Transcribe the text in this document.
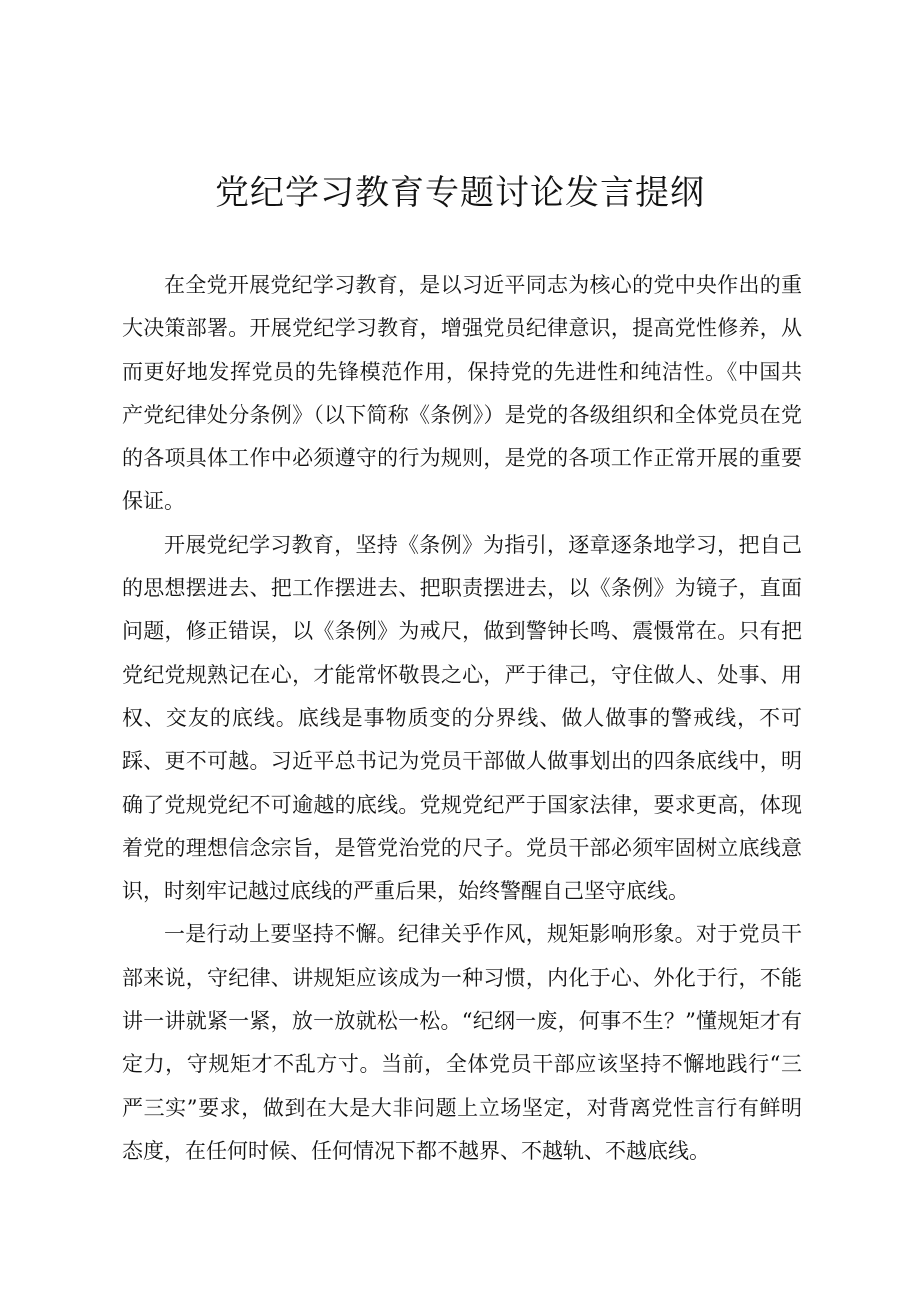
党纪学习教育专题讨论发言提纲

在全党开展党纪学习教育，是以习近平同志为核心的党中央作出的重大决策部署。开展党纪学习教育，增强党员纪律意识，提高党性修养，从而更好地发挥党员的先锋模范作用，保持党的先进性和纯洁性。《中国共产党纪律处分条例》（以下简称《条例》）是党的各级组织和全体党员在党的各项具体工作中必须遵守的行为规则，是党的各项工作正常开展的重要保证。

开展党纪学习教育，坚持《条例》为指引，逐章逐条地学习，把自己的思想摆进去、把工作摆进去、把职责摆进去，以《条例》为镜子，直面问题，修正错误，以《条例》为戒尺，做到警钟长鸣、震慑常在。只有把党纪党规熟记在心，才能常怀敬畏之心，严于律己，守住做人、处事、用权、交友的底线。底线是事物质变的分界线、做人做事的警戒线，不可踩、更不可越。习近平总书记为党员干部做人做事划出的四条底线中，明确了党规党纪不可逾越的底线。党规党纪严于国家法律，要求更高，体现着党的理想信念宗旨，是管党治党的尺子。党员干部必须牢固树立底线意识，时刻牢记越过底线的严重后果，始终警醒自己坚守底线。

一是行动上要坚持不懈。纪律关乎作风，规矩影响形象。对于党员干部来说，守纪律、讲规矩应该成为一种习惯，内化于心、外化于行，不能讲一讲就紧一紧，放一放就松一松。“纪纲一废，何事不生？”懂规矩才有定力，守规矩才不乱方寸。当前，全体党员干部应该坚持不懈地践行“三严三实”要求，做到在大是大非问题上立场坚定，对背离党性言行有鲜明态度，在任何时候、任何情况下都不越界、不越轨、不越底线。
